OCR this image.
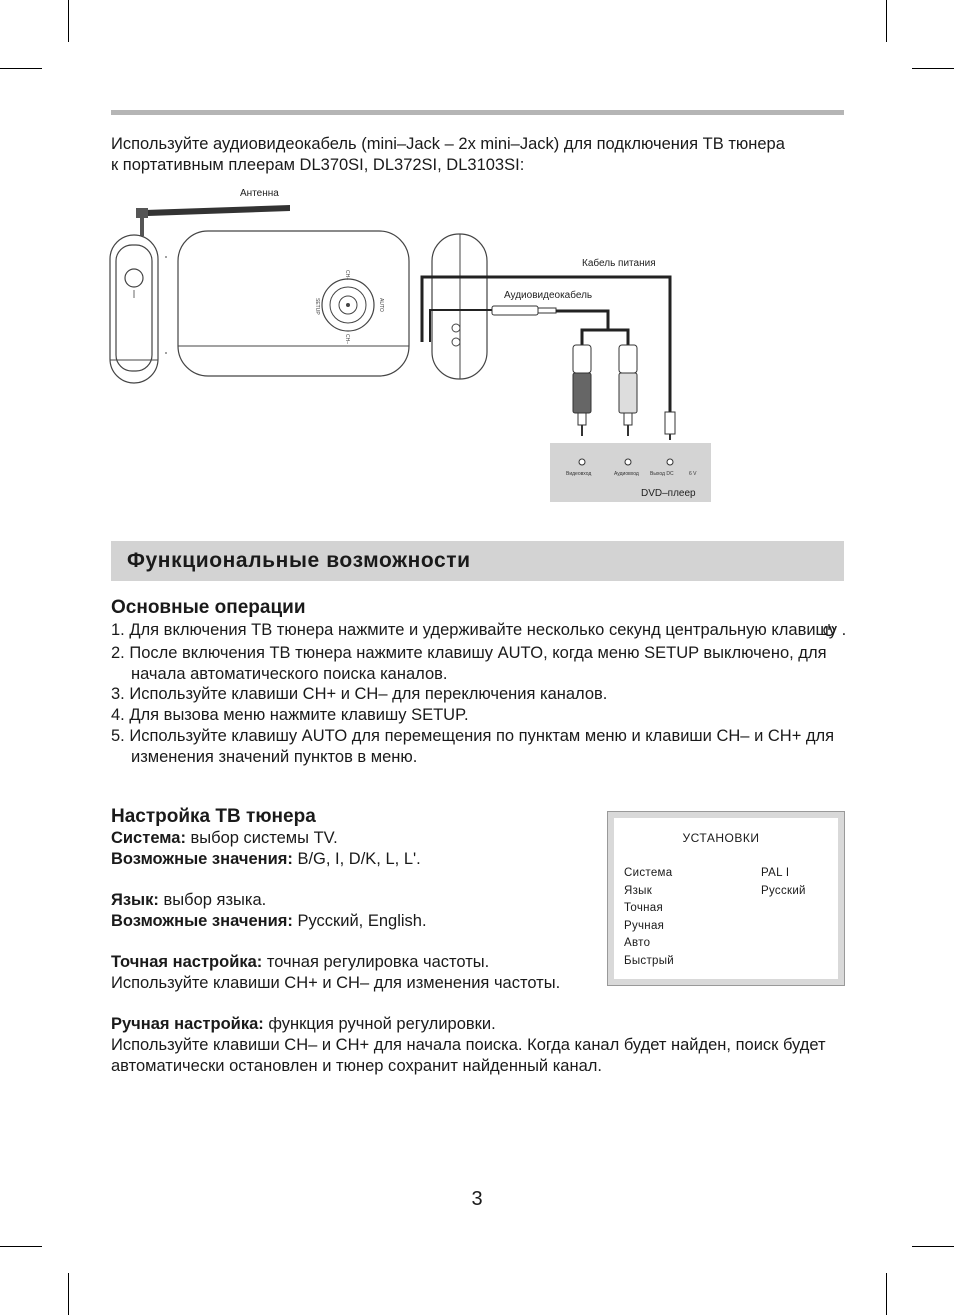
Используйте аудиовидеокабель (mini–Jack – 2x mini–Jack) для подключения ТВ тюнера
к портативным плеерам DL370SI, DL372SI, DL3103SI:
Антенна
CH+
CH–
SETUP	AUTO
Кабель питания
Аудиовидеокабель
Видеовход	Аудиовход Выход DC	6 V
DVD–плеер
Функциональные возможности
Основные операции
1. Для включения ТВ тюнера нажмите и удерживайте несколько секунд центральную клавишу .
2. После включения ТВ тюнера нажмите клавишу AUTO, когда меню SETUP выключено, для начала автоматического поиска каналов.
3. Используйте клавиши CH+ и CH– для переключения каналов.
4. Для вызова меню нажмите клавишу SETUP.
5. Используйте клавишу AUTO для перемещения по пунктам меню и клавиши CH– и CH+ для изменения значений пунктов в меню.
Настройка ТВ тюнера
Система: выбор системы TV.
Возможные значения: B/G, I, D/K, L, L'.
Язык: выбор языка.
Возможные значения: Русский, English.
Точная настройка: точная регулировка частоты.
Используйте клавиши CH+ и CH– для изменения частоты.
Ручная настройка: функция ручной регулировки.
Используйте клавиши CH– и CH+ для начала поиска. Когда канал будет найден, поиск будет автоматически остановлен и тюнер сохранит найденный канал.
УСТАНОВКИ
Система	PAL I
Язык	Русский
Точная
Ручная
Авто
Быстрый
3
